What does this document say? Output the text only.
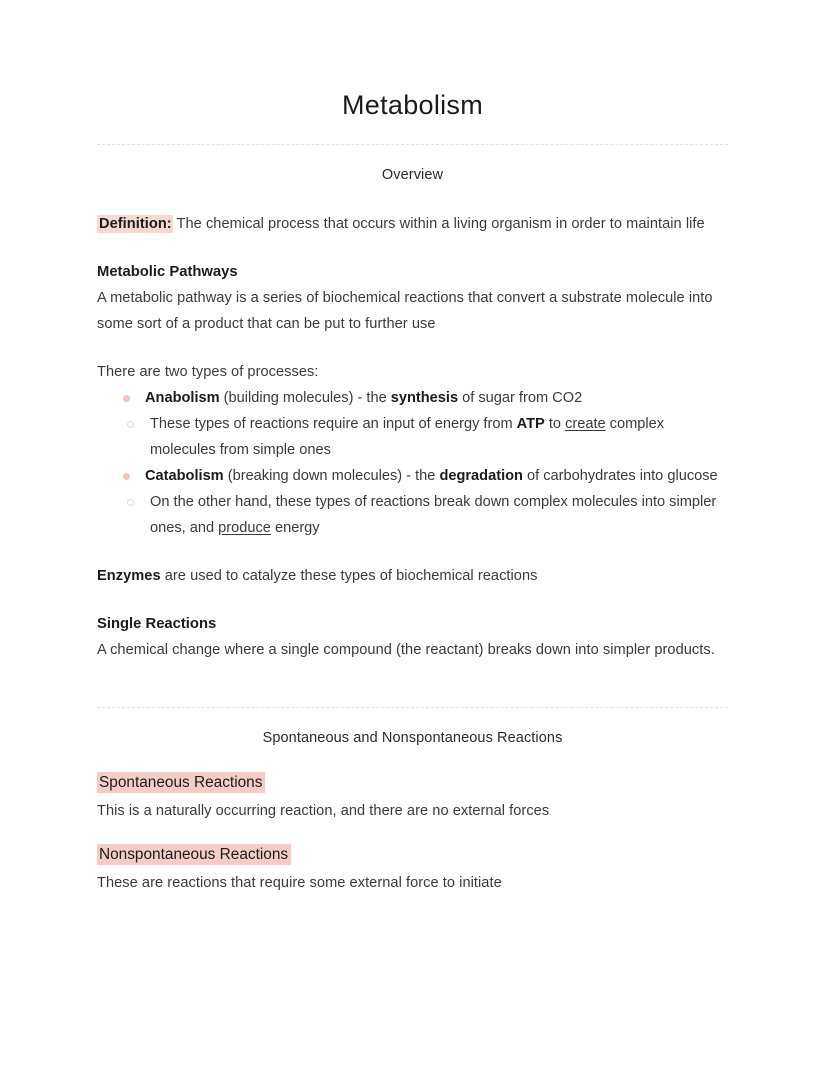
Metabolism
Overview

Definition: The chemical process that occurs within a living organism in order to maintain life

Metabolic Pathways

A metabolic pathway is a series of biochemical reactions that convert a substrate molecule into some sort of a product that can be put to further use

There are two types of processes:

Anabolism (building molecules) - the synthesis of sugar from CO2
These types of reactions require an input of energy from ATP to create complex molecules from simple ones
Catabolism (breaking down molecules) - the degradation of carbohydrates into glucose
On the other hand, these types of reactions break down complex molecules into simpler ones, and produce energy

Enzymes are used to catalyze these types of biochemical reactions

Single Reactions

A chemical change where a single compound (the reactant) breaks down into simpler products.

Spontaneous and Nonspontaneous Reactions
Spontaneous Reactions

This is a naturally occurring reaction, and there are no external forces

Nonspontaneous Reactions

These are reactions that require some external force to initiate
